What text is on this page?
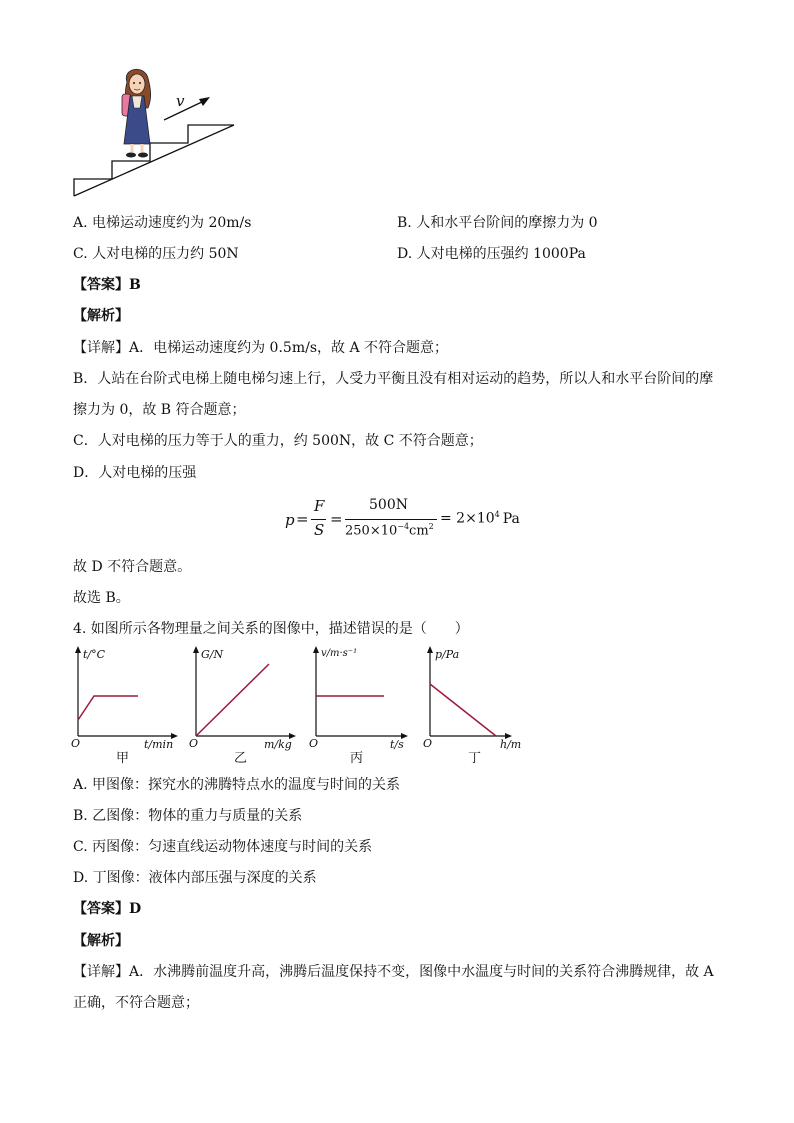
v
A. 电梯运动速度约为 20m/s	B. 人和水平台阶间的摩擦力为 0
C. 人对电梯的压力约 50N	D. 人对电梯的压强约 1000Pa
【答案】B
【解析】
【详解】A．电梯运动速度约为 0.5m/s，故 A 不符合题意；
B．人站在台阶式电梯上随电梯匀速上行，人受力平衡且没有相对运动的趋势，所以人和水平台阶间的摩
擦力为 0，故 B 符合题意；
C．人对电梯的压力等于人的重力，约 500N，故 C 不符合题意；
D．人对电梯的压强
p =
F
S
=
500N
$250\times 10^{-4}cm^2 = 2\times 10^4$ Pa
故 D 不符合题意。
故选 B。
4. 如图所示各物理量之间关系的图像中，描述错误的是（　　）
t/°C
O	t/min
甲
G/N
O	m/kg
乙
v/m·s⁻¹
O	t/s
丙
p/Pa
O	h/m
丁
A. 甲图像：探究水的沸腾特点水的温度与时间的关系
B. 乙图像：物体的重力与质量的关系
C. 丙图像：匀速直线运动物体速度与时间的关系
D. 丁图像：液体内部压强与深度的关系
【答案】D
【解析】
【详解】A．水沸腾前温度升高，沸腾后温度保持不变，图像中水温度与时间的关系符合沸腾规律，故 A
正确，不符合题意；
